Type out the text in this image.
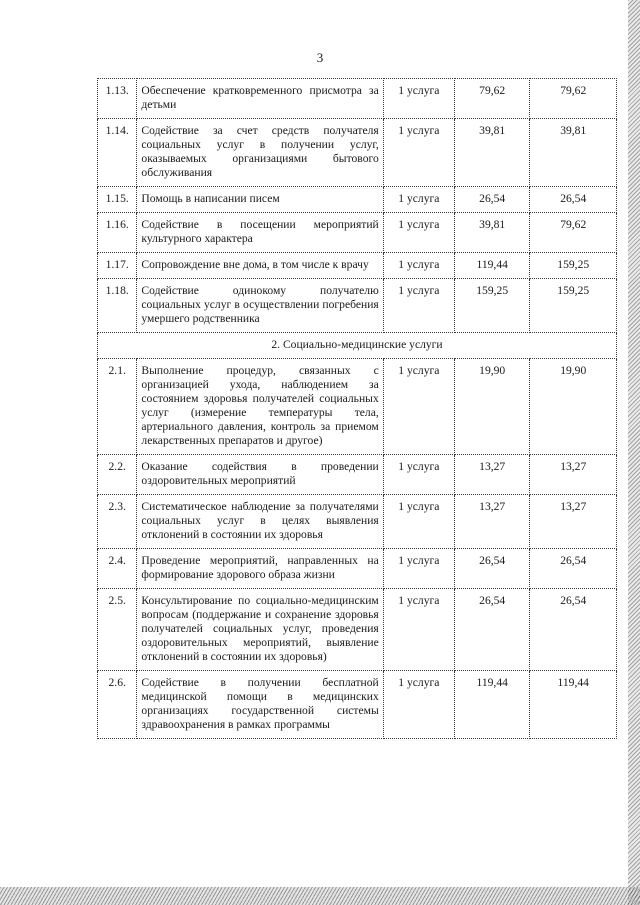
3
1.13.	Обеспечение кратковременного присмотра за детьми	1 услуга	79,62	79,62
1.14.	Содействие за счет средств получателя социальных услуг в получении услуг, оказываемых организациями бытового обслуживания	1 услуга	39,81	39,81
1.15.	Помощь в написании писем	1 услуга	26,54	26,54
1.16.	Содействие в посещении мероприятий культурного характера	1 услуга	39,81	79,62
1.17.	Сопровождение вне дома, в том числе к врачу	1 услуга	119,44	159,25
1.18.	Содействие одинокому получателю социальных услуг в осуществлении погребения умершего родственника	1 услуга	159,25	159,25
2. Социально-медицинские услуги				
2.1.	Выполнение процедур, связанных с организацией ухода, наблюдением за состоянием здоровья получателей социальных услуг (измерение температуры тела, артериального давления, контроль за приемом лекарственных препаратов и другое)	1 услуга	19,90	19,90
2.2.	Оказание содействия в проведении оздоровительных мероприятий	1 услуга	13,27	13,27
2.3.	Систематическое наблюдение за получателями социальных услуг в целях выявления отклонений в состоянии их здоровья	1 услуга	13,27	13,27
2.4.	Проведение мероприятий, направленных на формирование здорового образа жизни	1 услуга	26,54	26,54
2.5.	Консультирование по социально-медицинским вопросам (поддержание и сохранение здоровья получателей социальных услуг, проведения оздоровительных мероприятий, выявление отклонений в состоянии их здоровья)	1 услуга	26,54	26,54
2.6.	Содействие в получении бесплатной медицинской помощи в медицинских организациях государственной системы здравоохранения в рамках программы	1 услуга	119,44	119,44
